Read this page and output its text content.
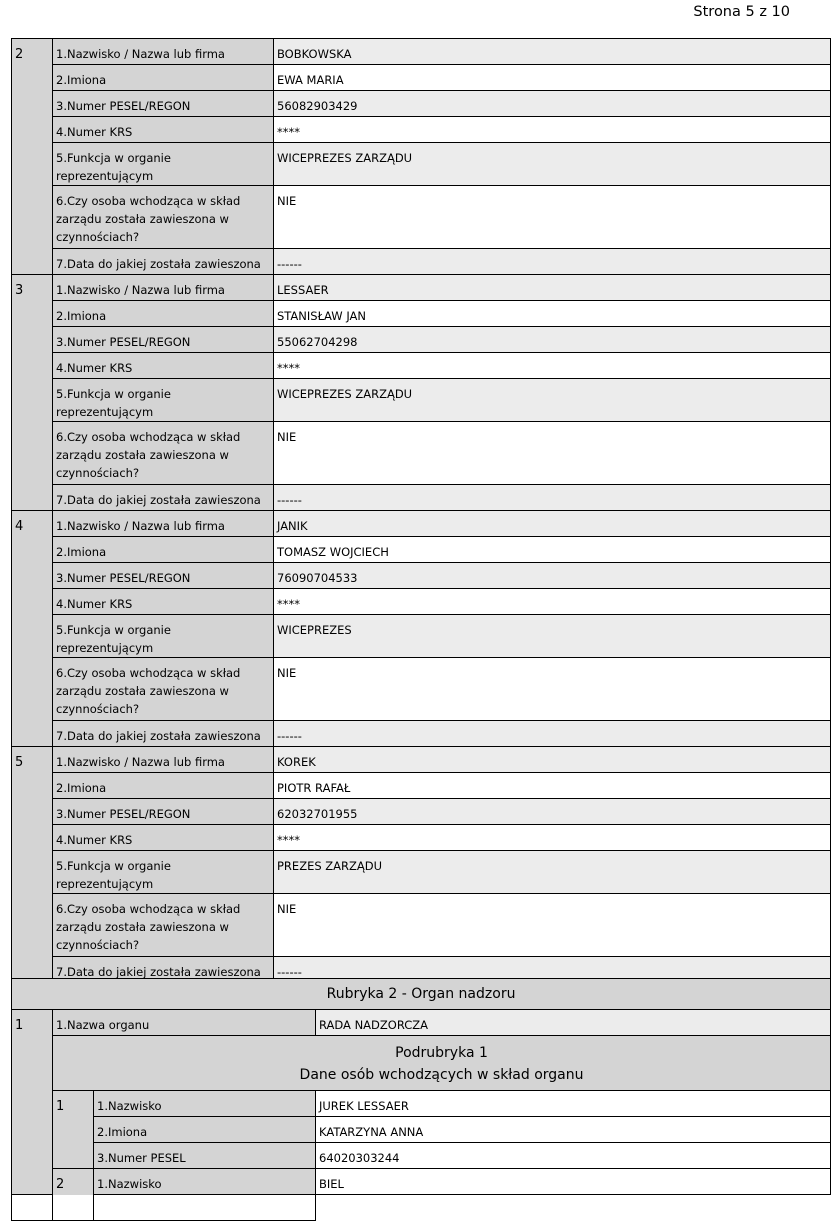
Strona 5 z 10
2	1.Nazwisko / Nazwa lub firma	BOBKOWSKA
	2.Imiona	EWA MARIA
	3.Numer PESEL/REGON	56082903429
	4.Numer KRS	****
	5.Funkcja w organie reprezentującym	WICEPREZES ZARZĄDU
	6.Czy osoba wchodząca w skład zarządu została zawieszona w czynnościach?	NIE
	7.Data do jakiej została zawieszona	------
3	1.Nazwisko / Nazwa lub firma	LESSAER
	2.Imiona	STANISŁAW JAN
	3.Numer PESEL/REGON	55062704298
	4.Numer KRS	****
	5.Funkcja w organie reprezentującym	WICEPREZES ZARZĄDU
	6.Czy osoba wchodząca w skład zarządu została zawieszona w czynnościach?	NIE
	7.Data do jakiej została zawieszona	------
4	1.Nazwisko / Nazwa lub firma	JANIK
	2.Imiona	TOMASZ WOJCIECH
	3.Numer PESEL/REGON	76090704533
	4.Numer KRS	****
	5.Funkcja w organie reprezentującym	WICEPREZES
	6.Czy osoba wchodząca w skład zarządu została zawieszona w czynnościach?	NIE
	7.Data do jakiej została zawieszona	------
5	1.Nazwisko / Nazwa lub firma	KOREK
	2.Imiona	PIOTR RAFAŁ
	3.Numer PESEL/REGON	62032701955
	4.Numer KRS	****
	5.Funkcja w organie reprezentującym	PREZES ZARZĄDU
	6.Czy osoba wchodząca w skład zarządu została zawieszona w czynnościach?	NIE
	7.Data do jakiej została zawieszona	------
Rubryka 2 - Organ nadzoru			
1	1.Nazwa organu		RADA NADZORCZA

	Podrubryka 1
Dane osób wchodzących w skład organu		

	1	1.Nazwisko	JUREK LESSAER
		2.Imiona	KATARZYNA ANNA
		3.Numer PESEL	64020303244
	2	1.Nazwisko	BIEL
